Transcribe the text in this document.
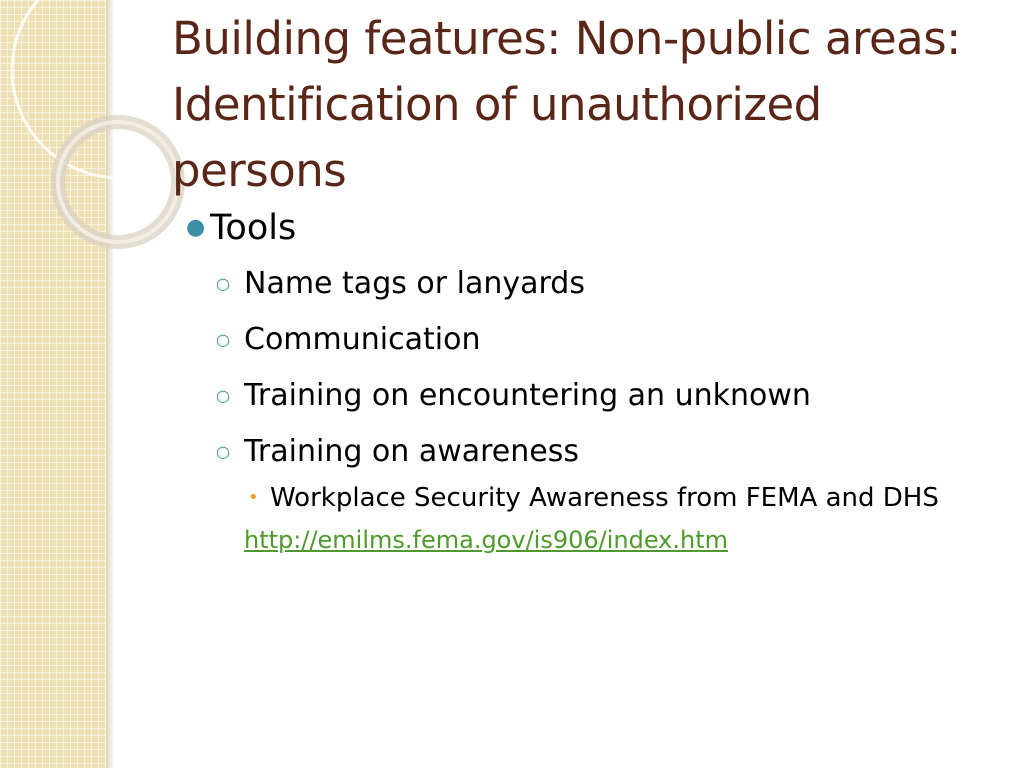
Building features: Non-public areas: Identification of unauthorized persons
● Tools
○ Name tags or lanyards
○ Communication
○ Training on encountering an unknown
○ Training on awareness
• Workplace Security Awareness from FEMA and DHS
http://emilms.fema.gov/is906/index.htm
